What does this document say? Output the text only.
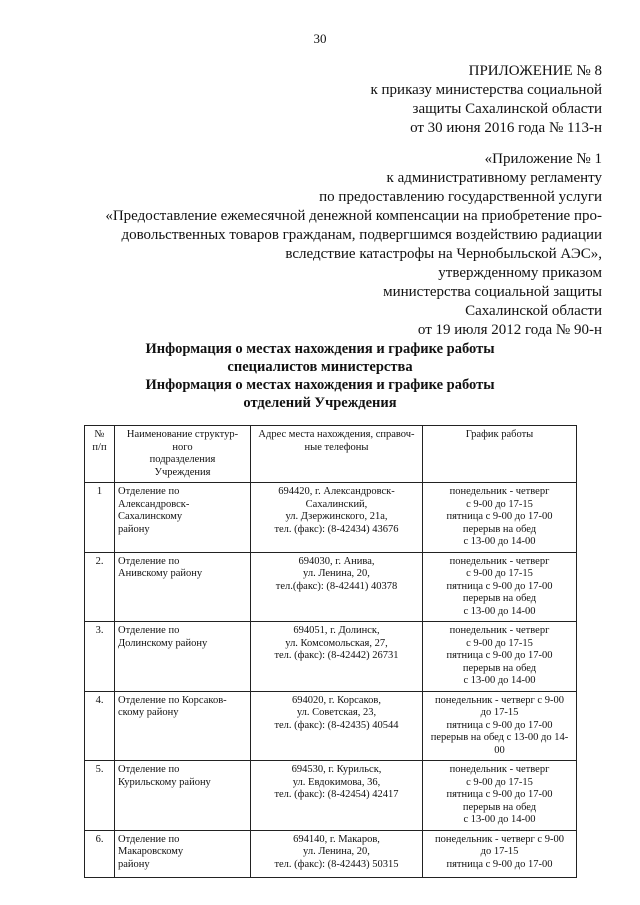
30
ПРИЛОЖЕНИЕ № 8
к приказу министерства социальной
защиты Сахалинской области
от 30 июня 2016 года № 113-н
«Приложение № 1
к административному регламенту
по предоставлению государственной услуги
«Предоставление ежемесячной денежной компенсации на приобретение про-
довольственных товаров гражданам, подвергшимся воздействию радиации
вследствие катастрофы на Чернобыльской АЭС»,
утвержденному приказом
министерства социальной защиты
Сахалинской области
от 19 июля 2012 года № 90-н
Информация о местах нахождения и графике работы
специалистов министерства
Информация о местах нахождения и графике работы
отделений Учреждения
№
п/п	Наименование структур-
ного
подразделения
Учреждения	Адрес места нахождения, справоч-
ные телефоны	График работы

1	Отделение по
Александровск-
Сахалинскому
району	694420, г. Александровск-
Сахалинский,
ул. Дзержинского, 21а,
тел. (факс): (8-42434) 43676	понедельник - четверг
с 9-00 до 17-15
пятница с 9-00 до 17-00
перерыв на обед
с 13-00 до 14-00

2.	Отделение по
Анивскому району	694030, г. Анива,
ул. Ленина, 20,
тел.(факс): (8-42441) 40378	понедельник - четверг
с 9-00 до 17-15
пятница с 9-00 до 17-00
перерыв на обед
с 13-00 до 14-00

3.	Отделение по
Долинскому району	694051, г. Долинск,
ул. Комсомольская, 27,
тел. (факс): (8-42442) 26731	понедельник - четверг
с 9-00 до 17-15
пятница с 9-00 до 17-00
перерыв на обед
с 13-00 до 14-00

4.	Отделение по Корсаков-
скому району	694020, г. Корсаков,
ул. Советская, 23,
тел. (факс): (8-42435) 40544	понедельник - четверг с 9-00
до 17-15
пятница с 9-00 до 17-00
перерыв на обед с 13-00 до 14-
00

5.	Отделение по
Курильскому району	694530, г. Курильск,
ул. Евдокимова, 36,
тел. (факс): (8-42454) 42417	понедельник - четверг
с 9-00 до 17-15
пятница с 9-00 до 17-00
перерыв на обед
с 13-00 до 14-00

6.	Отделение по
Макаровскому
району	694140, г. Макаров,
ул. Ленина, 20,
тел. (факс): (8-42443) 50315	понедельник - четверг с 9-00
до 17-15
пятница с 9-00 до 17-00
